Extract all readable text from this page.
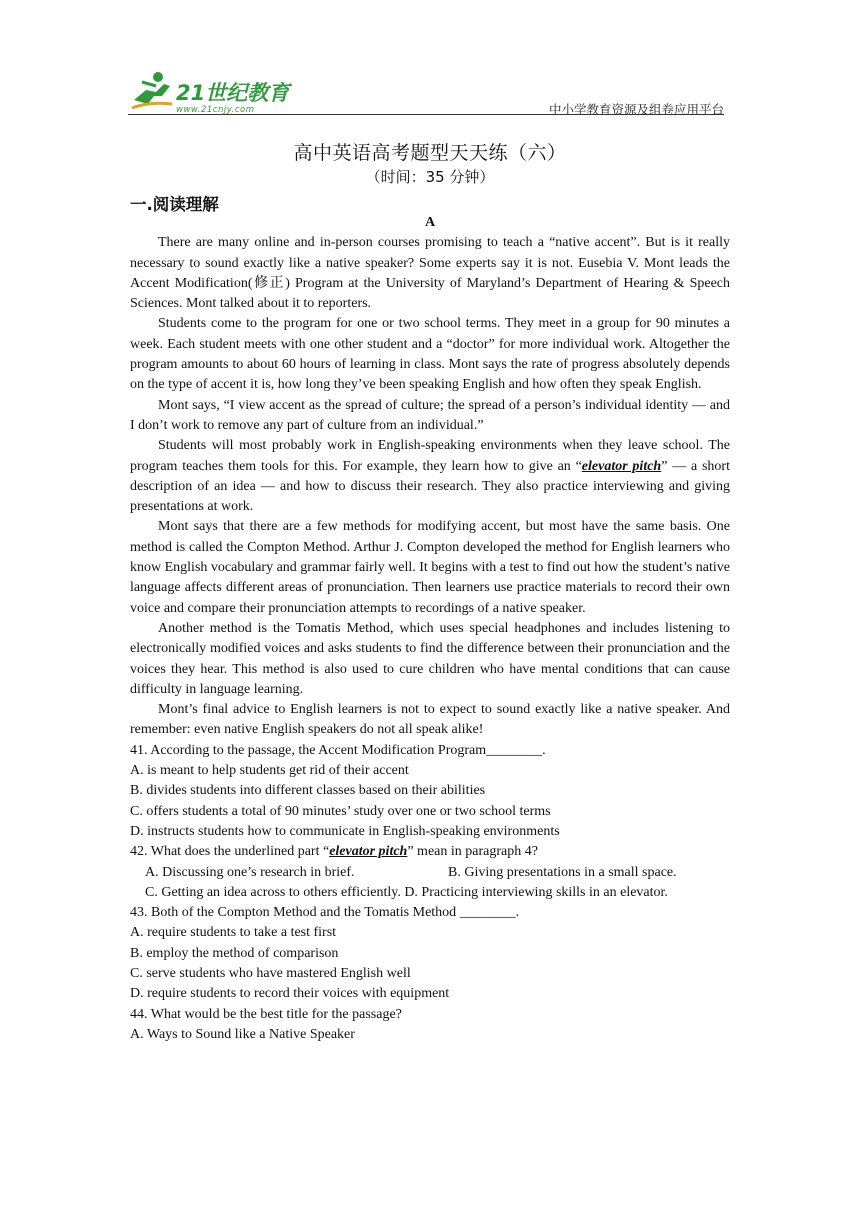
21世纪教育
www.21cnjy.com	中小学教育资源及组卷应用平台
高中英语高考题型天天练（六）
（时间：35 分钟）
一.阅读理解

A

There are many online and in-person courses promising to teach a “native accent”. But is it really necessary to sound exactly like a native speaker? Some experts say it is not. Eusebia V. Mont leads the Accent Modification(修正) Program at the University of Maryland’s Department of Hearing & Speech Sciences. Mont talked about it to reporters.

Students come to the program for one or two school terms. They meet in a group for 90 minutes a week. Each student meets with one other student and a “doctor” for more individual work. Altogether the program amounts to about 60 hours of learning in class. Mont says the rate of progress absolutely depends on the type of accent it is, how long they’ve been speaking English and how often they speak English.

Mont says, “I view accent as the spread of culture; the spread of a person’s individual identity — and I don’t work to remove any part of culture from an individual.”

Students will most probably work in English-speaking environments when they leave school. The program teaches them tools for this. For example, they learn how to give an “elevator pitch” — a short description of an idea — and how to discuss their research. They also practice interviewing and giving presentations at work.

Mont says that there are a few methods for modifying accent, but most have the same basis. One method is called the Compton Method. Arthur J. Compton developed the method for English learners who know English vocabulary and grammar fairly well. It begins with a test to find out how the student’s native language affects different areas of pronunciation. Then learners use practice materials to record their own voice and compare their pronunciation attempts to recordings of a native speaker.

Another method is the Tomatis Method, which uses special headphones and includes listening to electronically modified voices and asks students to find the difference between their pronunciation and the voices they hear. This method is also used to cure children who have mental conditions that can cause difficulty in language learning.

Mont’s final advice to English learners is not to expect to sound exactly like a native speaker. And remember: even native English speakers do not all speak alike!

41. According to the passage, the Accent Modification Program________.

A. is meant to help students get rid of their accent

B. divides students into different classes based on their abilities

C. offers students a total of 90 minutes’ study over one or two school terms

D. instructs students how to communicate in English-speaking environments

42. What does the underlined part “elevator pitch” mean in paragraph 4?

A. Discussing one’s research in brief.	B. Giving presentations in a small space.

C. Getting an idea across to others efficiently. D. Practicing interviewing skills in an elevator.

43. Both of the Compton Method and the Tomatis Method ________.

A. require students to take a test first

B. employ the method of comparison

C. serve students who have mastered English well

D. require students to record their voices with equipment

44. What would be the best title for the passage?

A. Ways to Sound like a Native Speaker
